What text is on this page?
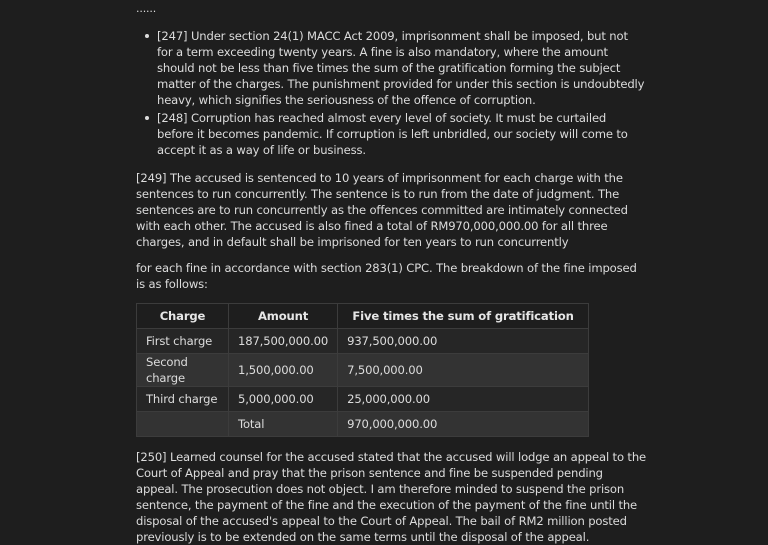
......

[247] Under section 24(1) MACC Act 2009, imprisonment shall be imposed, but not for a term exceeding twenty years. A fine is also mandatory, where the amount should not be less than five times the sum of the gratification forming the subject matter of the charges. The punishment provided for under this section is undoubtedly heavy, which signifies the seriousness of the offence of corruption.
[248] Corruption has reached almost every level of society. It must be curtailed before it becomes pandemic. If corruption is left unbridled, our society will come to accept it as a way of life or business.

[249] The accused is sentenced to 10 years of imprisonment for each charge with the sentences to run concurrently. The sentence is to run from the date of judgment. The sentences are to run concurrently as the offences committed are intimately connected with each other. The accused is also fined a total of RM970,000,000.00 for all three charges, and in default shall be imprisoned for ten years to run concurrently

for each fine in accordance with section 283(1) CPC. The breakdown of the fine imposed is as follows:

Charge	Amount	Five times the sum of gratification
First charge	187,500,000.00	937,500,000.00
Second charge	1,500,000.00	7,500,000.00
Third charge	5,000,000.00	25,000,000.00
	Total	970,000,000.00

[250] Learned counsel for the accused stated that the accused will lodge an appeal to the Court of Appeal and pray that the prison sentence and fine be suspended pending appeal. The prosecution does not object. I am therefore minded to suspend the prison sentence, the payment of the fine and the execution of the payment of the fine until the disposal of the accused's appeal to the Court of Appeal. The bail of RM2 million posted previously is to be extended on the same terms until the disposal of the appeal.
